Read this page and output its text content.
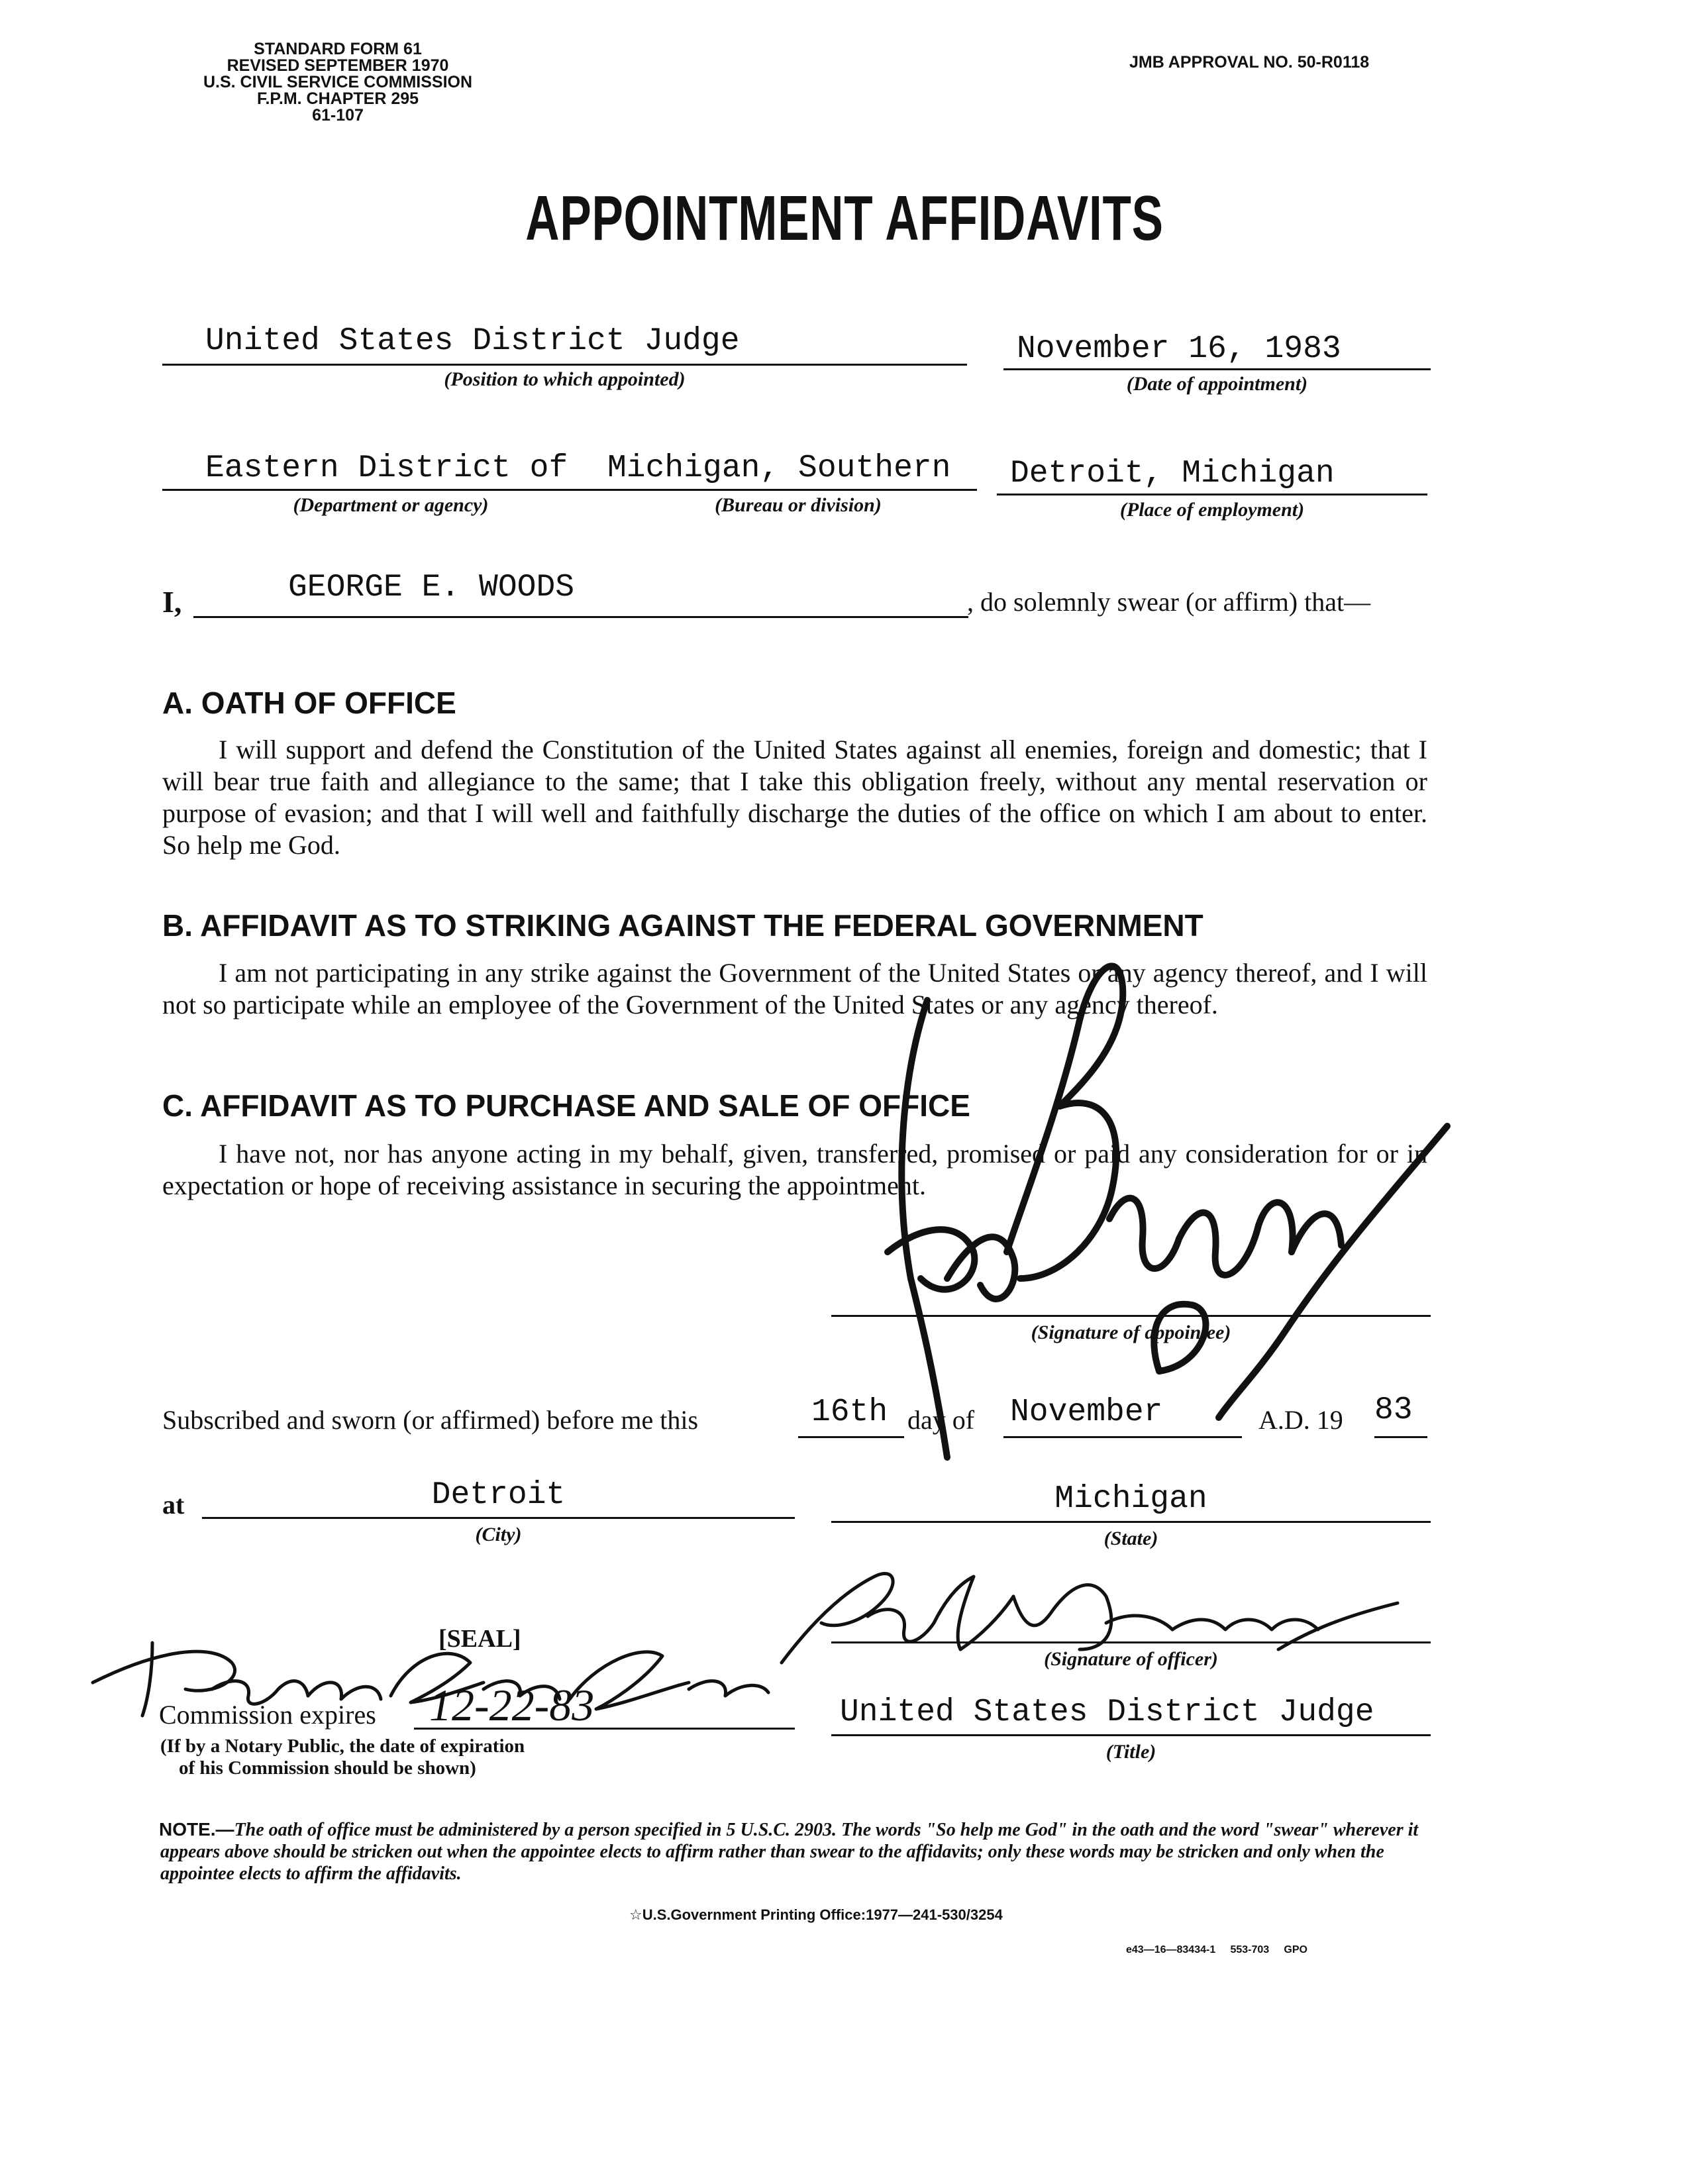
STANDARD FORM 61
REVISED SEPTEMBER 1970
U.S. CIVIL SERVICE COMMISSION
F.P.M. CHAPTER 295
61-107
JMB APPROVAL NO. 50-R0118
APPOINTMENT AFFIDAVITS
United States District Judge
(Position to which appointed)
November 16, 1983
(Date of appointment)
Eastern District of Michigan, Southern
(Department or agency)	(Bureau or division)
Detroit, Michigan
(Place of employment)
I,	GEORGE E. WOODS	, do solemnly swear (or affirm) that—
A. OATH OF OFFICE
I will support and defend the Constitution of the United States against all enemies, foreign and domestic; that I will bear true faith and allegiance to the same; that I take this obligation freely, without any mental reservation or purpose of evasion; and that I will well and faithfully discharge the duties of the office on which I am about to enter. So help me God.
B. AFFIDAVIT AS TO STRIKING AGAINST THE FEDERAL GOVERNMENT
I am not participating in any strike against the Government of the United States or any agency thereof, and I will not so participate while an employee of the Government of the United States or any agency thereof.
C. AFFIDAVIT AS TO PURCHASE AND SALE OF OFFICE
I have not, nor has anyone acting in my behalf, given, transferred, promised or paid any consideration for or in expectation or hope of receiving assistance in securing the appointment.
(Signature of appointee)
Subscribed and sworn (or affirmed) before me this	16th day of November	A.D. 19 83
at	Detroit
(City)
Michigan
(State)
[SEAL]
(Signature of officer)
Commission expires 12-22-83
(If by a Notary Public, the date of expiration
of his Commission should be shown)
United States District Judge
(Title)
NOTE.—The oath of office must be administered by a person specified in 5 U.S.C. 2903. The words "So help me God" in the oath and the word "swear" wherever it appears above should be stricken out when the appointee elects to affirm rather than swear to the affidavits; only these words may be stricken and only when the appointee elects to affirm the affidavits.
☆U.S.Government Printing Office:1977—241-530/3254
e43—16—83434-1     553-703     GPO
